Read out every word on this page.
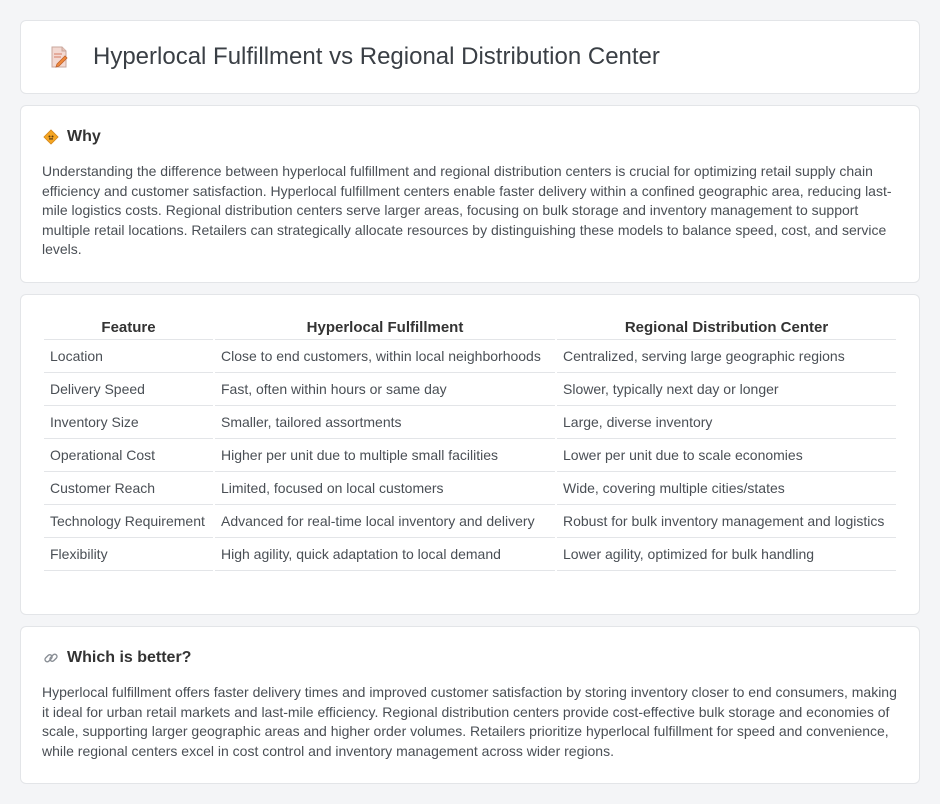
Hyperlocal Fulfillment vs Regional Distribution Center
Why

Understanding the difference between hyperlocal fulfillment and regional distribution centers is crucial for optimizing retail supply chain efficiency and customer satisfaction. Hyperlocal fulfillment centers enable faster delivery within a confined geographic area, reducing last-mile logistics costs. Regional distribution centers serve larger areas, focusing on bulk storage and inventory management to support multiple retail locations. Retailers can strategically allocate resources by distinguishing these models to balance speed, cost, and service levels.

Feature	Hyperlocal Fulfillment	Regional Distribution Center
Location	Close to end customers, within local neighborhoods	Centralized, serving large geographic regions
Delivery Speed	Fast, often within hours or same day	Slower, typically next day or longer
Inventory Size	Smaller, tailored assortments	Large, diverse inventory
Operational Cost	Higher per unit due to multiple small facilities	Lower per unit due to scale economies
Customer Reach	Limited, focused on local customers	Wide, covering multiple cities/states
Technology Requirement	Advanced for real-time local inventory and delivery	Robust for bulk inventory management and logistics
Flexibility	High agility, quick adaptation to local demand	Lower agility, optimized for bulk handling
Which is better?

Hyperlocal fulfillment offers faster delivery times and improved customer satisfaction by storing inventory closer to end consumers, making it ideal for urban retail markets and last-mile efficiency. Regional distribution centers provide cost-effective bulk storage and economies of scale, supporting larger geographic areas and higher order volumes. Retailers prioritize hyperlocal fulfillment for speed and convenience, while regional centers excel in cost control and inventory management across wider regions.
